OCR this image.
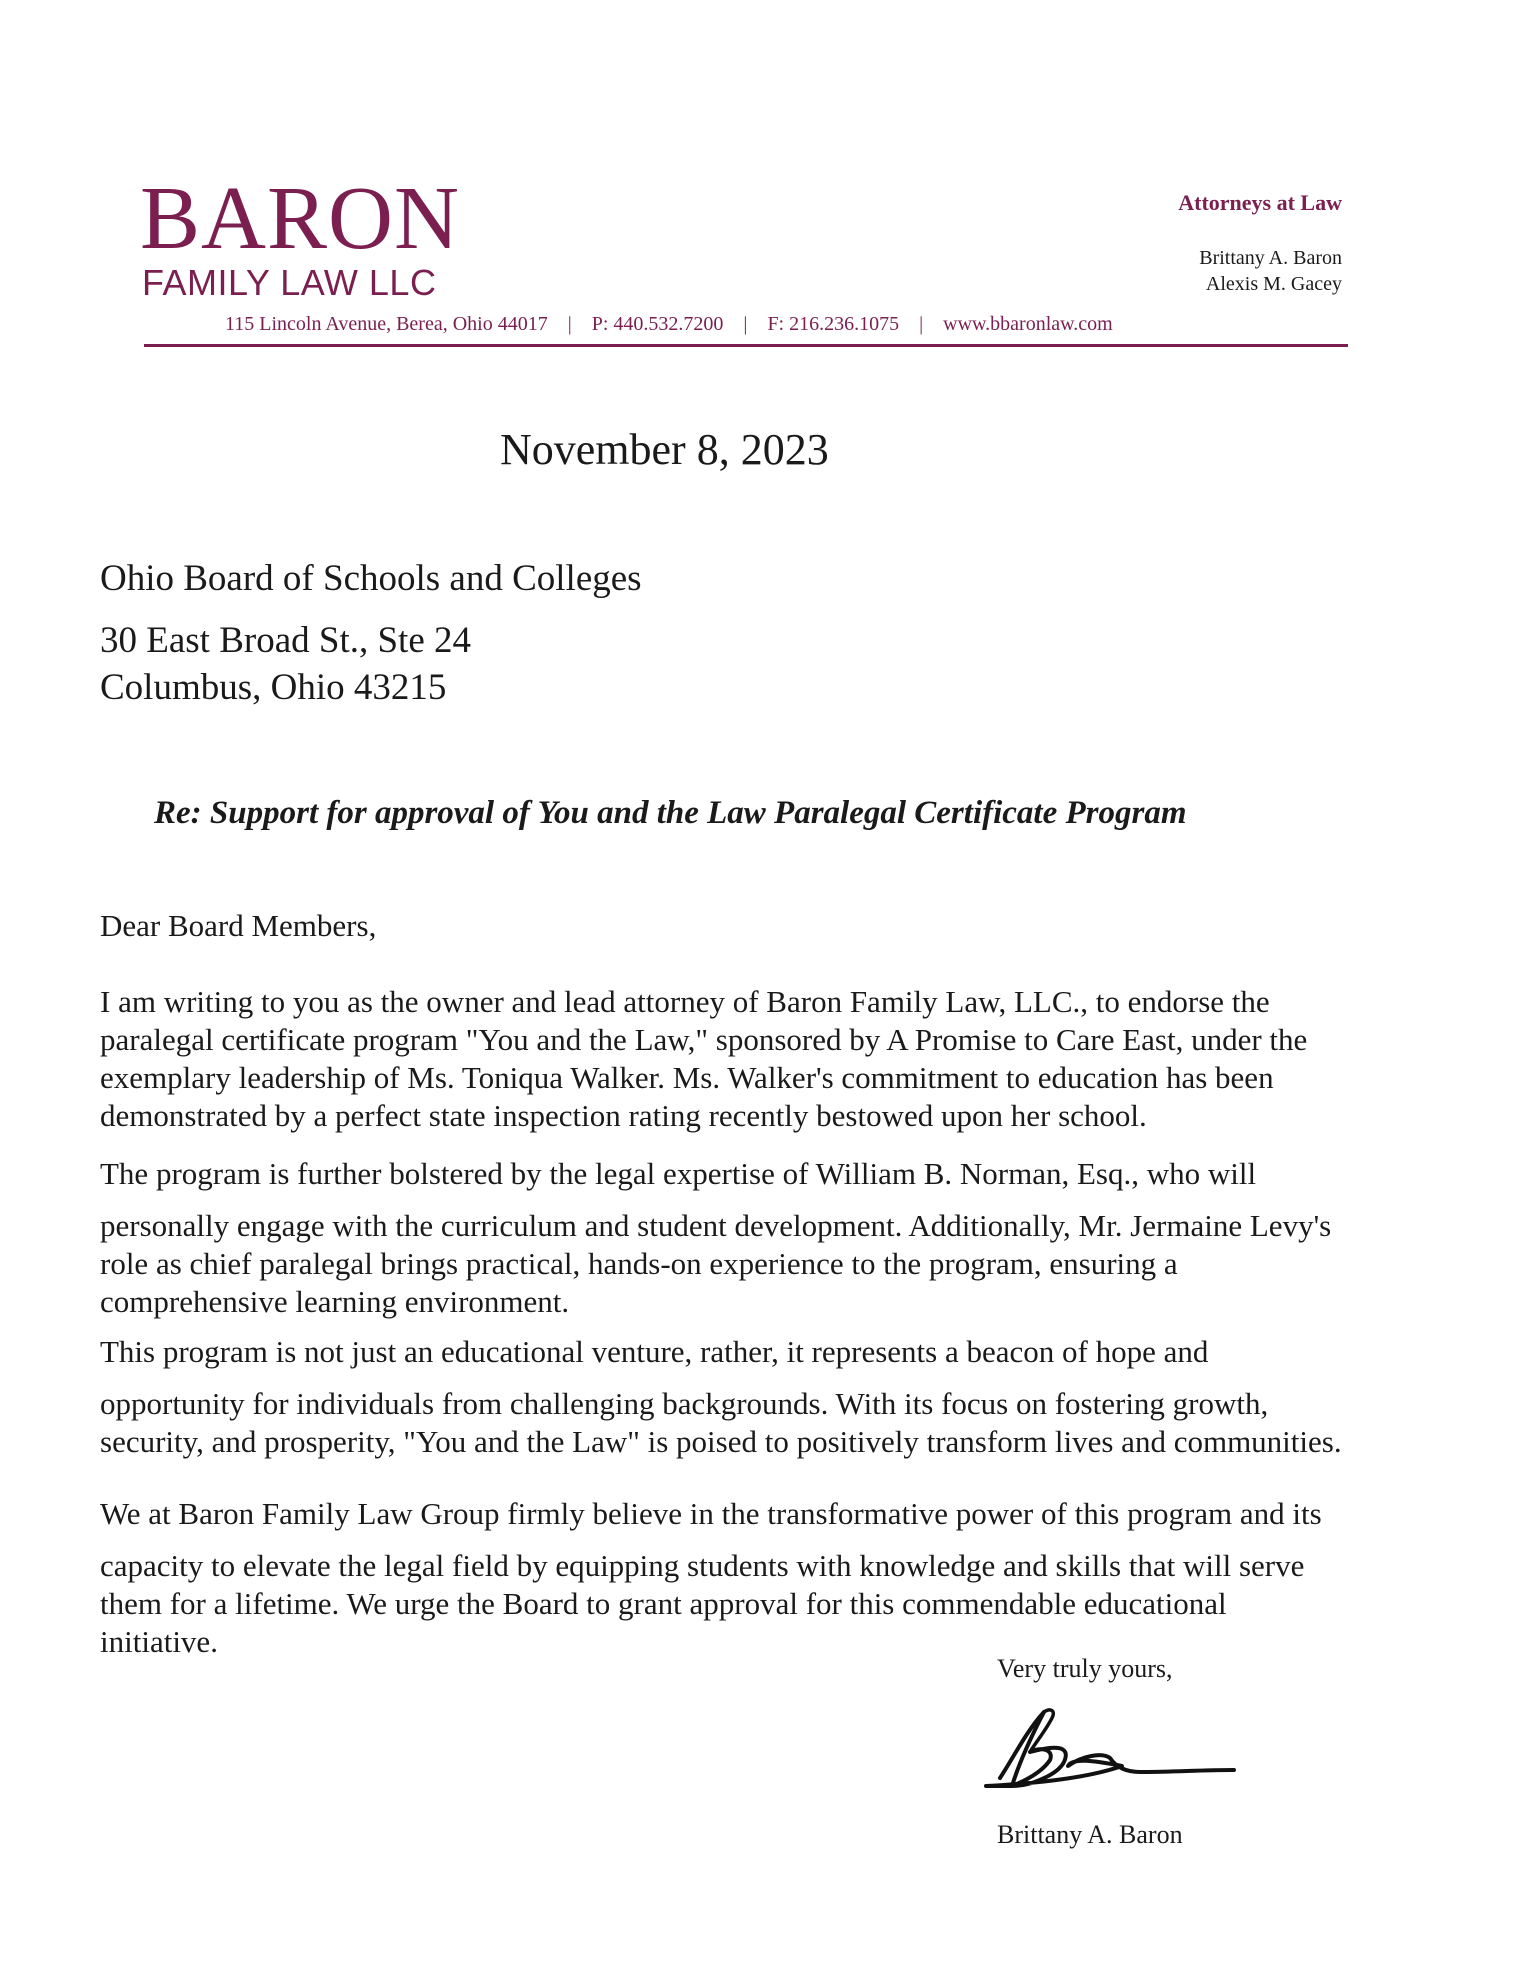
BARON
FAMILY LAW LLC
Attorneys at Law
Brittany A. Baron
Alexis M. Gacey
115 Lincoln Avenue, Berea, Ohio 44017 | P: 440.532.7200 | F: 216.236.1075 | www.bbaronlaw.com
November 8, 2023
Ohio Board of Schools and Colleges
30 East Broad St., Ste 24
Columbus, Ohio 43215
Re: Support for approval of You and the Law Paralegal Certificate Program
Dear Board Members,
I am writing to you as the owner and lead attorney of Baron Family Law, LLC., to endorse the
paralegal certificate program "You and the Law," sponsored by A Promise to Care East, under the
exemplary leadership of Ms. Toniqua Walker. Ms. Walker's commitment to education has been
demonstrated by a perfect state inspection rating recently bestowed upon her school.
The program is further bolstered by the legal expertise of William B. Norman, Esq., who will
personally engage with the curriculum and student development. Additionally, Mr. Jermaine Levy's
role as chief paralegal brings practical, hands-on experience to the program, ensuring a
comprehensive learning environment.
This program is not just an educational venture, rather, it represents a beacon of hope and
opportunity for individuals from challenging backgrounds. With its focus on fostering growth,
security, and prosperity, "You and the Law" is poised to positively transform lives and communities.
We at Baron Family Law Group firmly believe in the transformative power of this program and its
capacity to elevate the legal field by equipping students with knowledge and skills that will serve
them for a lifetime. We urge the Board to grant approval for this commendable educational
initiative.
Very truly yours,
Brittany A. Baron
